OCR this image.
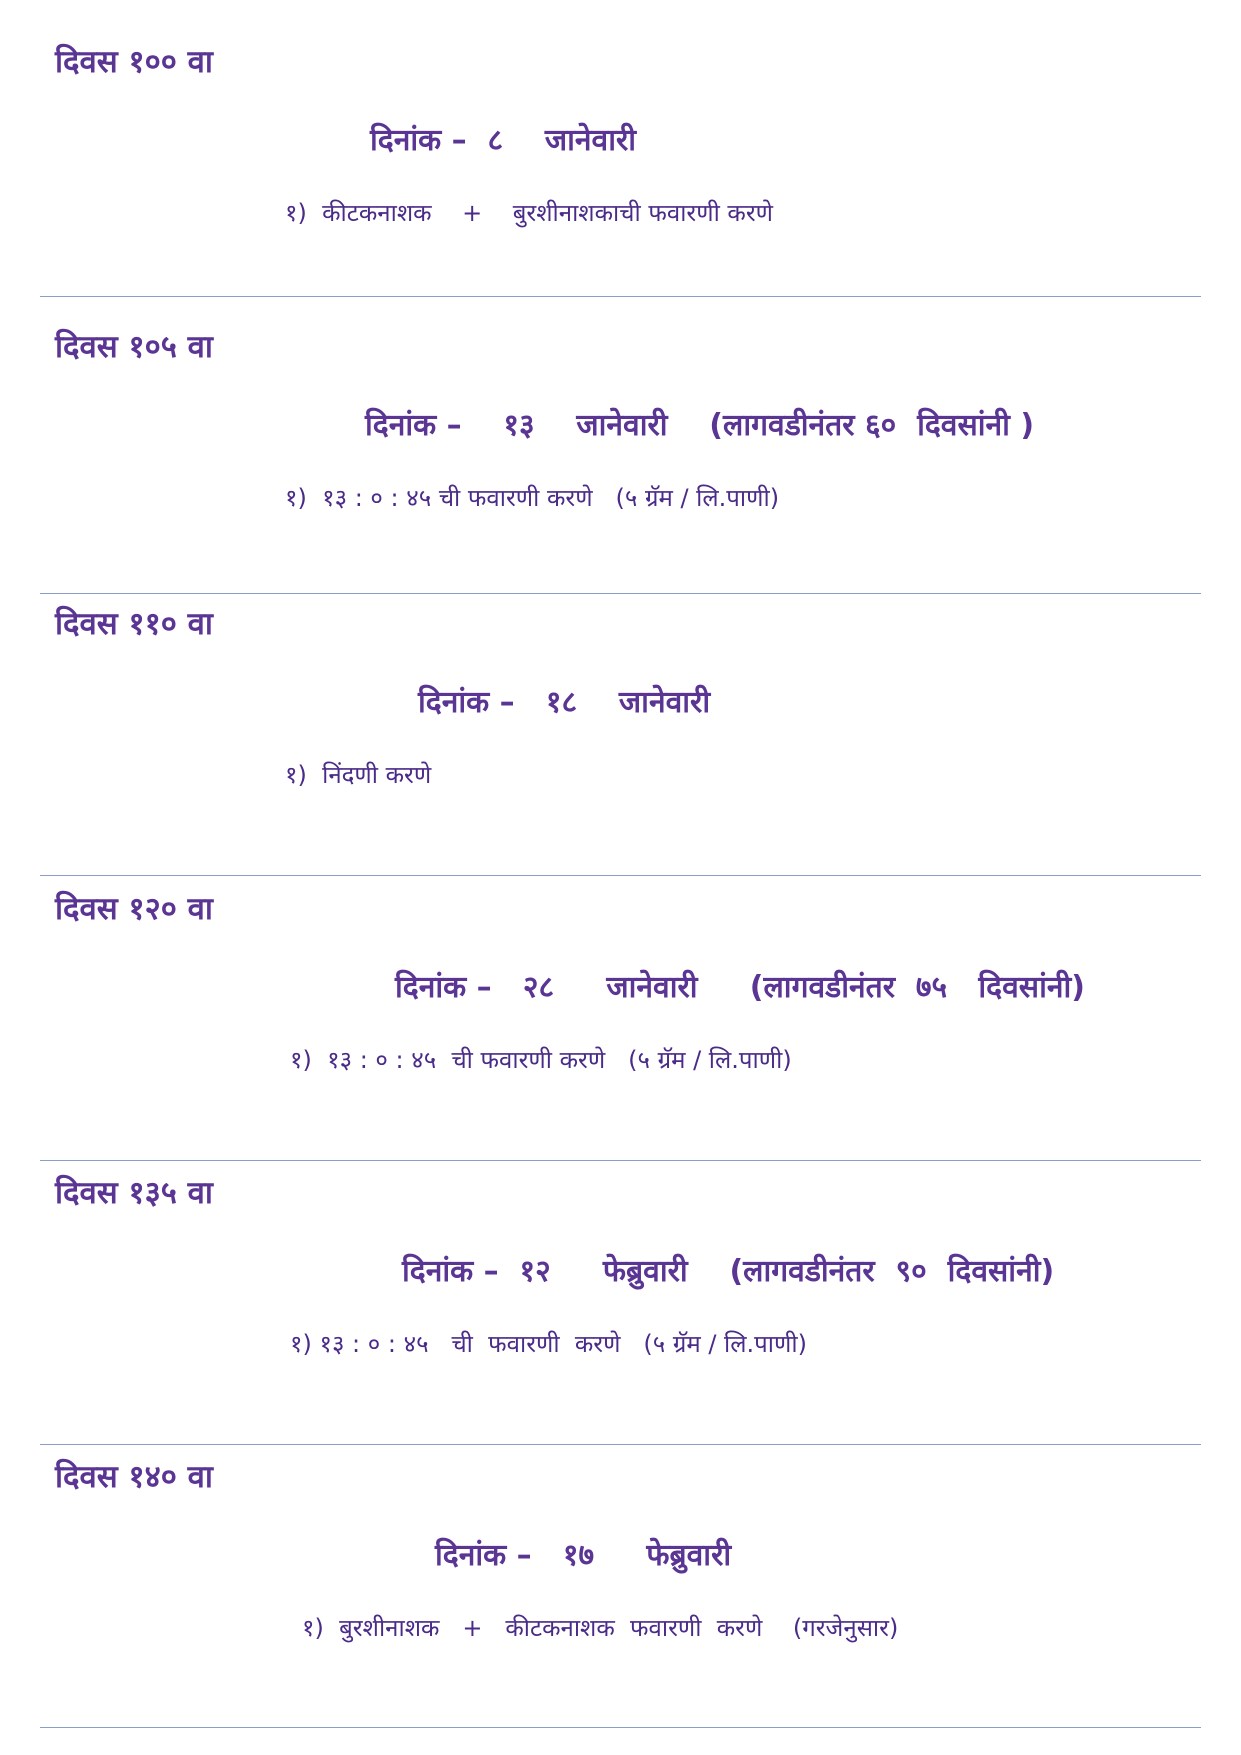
दिवस १०० वा
दिनांक –  ८    जानेवारी
१)  कीटकनाशक    +    बुरशीनाशकाची फवारणी करणे
दिवस १०५ वा
दिनांक –    १३    जानेवारी    (लागवडीनंतर ६०  दिवसांनी )
१)  १३ : ० : ४५ ची फवारणी करणे   (५ ग्रॅम / लि.पाणी)
दिवस ११० वा
दिनांक –   १८    जानेवारी
१)  निंदणी करणे
दिवस १२० वा
दिनांक –   २८     जानेवारी     (लागवडीनंतर  ७५   दिवसांनी)
१)  १३ : ० : ४५  ची फवारणी करणे   (५ ग्रॅम / लि.पाणी)
दिवस १३५ वा
दिनांक –  १२     फेब्रुवारी    (लागवडीनंतर  ९०  दिवसांनी)
१) १३ : ० : ४५   ची  फवारणी  करणे   (५ ग्रॅम / लि.पाणी)
दिवस १४० वा
दिनांक –   १७     फेब्रुवारी
१)  बुरशीनाशक   +   कीटकनाशक  फवारणी  करणे    (गरजेनुसार)
